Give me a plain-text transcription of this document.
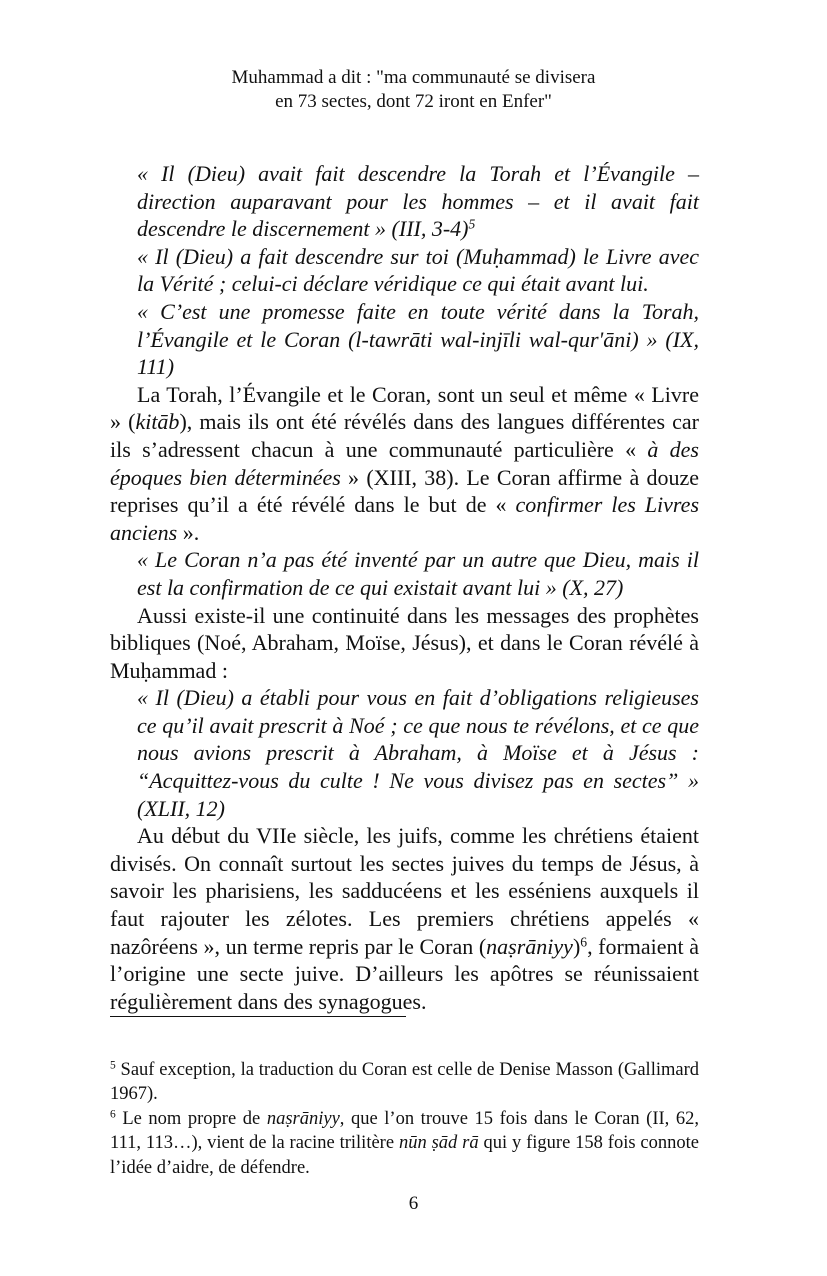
Muhammad a dit : "ma communauté se divisera
en 73 sectes, dont 72 iront en Enfer"

« Il (Dieu) avait fait descendre la Torah et l’Évangile – direction auparavant pour les hommes – et il avait fait descendre le discernement » (III, 3-4)$^5$

« Il (Dieu) a fait descendre sur toi (Muḥammad) le Livre avec la Vérité ; celui-ci déclare véridique ce qui était avant lui.

« C’est une promesse faite en toute vérité dans la Torah, l’Évangile et le Coran (l-tawrāti wal-injīli wal-qur'āni) » (IX, 111)

La Torah, l’Évangile et le Coran, sont un seul et même « Livre » (kitāb), mais ils ont été révélés dans des langues différentes car ils s’adressent chacun à une communauté particulière « à des époques bien déterminées » (XIII, 38). Le Coran affirme à douze reprises qu’il a été révélé dans le but de « confirmer les Livres anciens ».

« Le Coran n’a pas été inventé par un autre que Dieu, mais il est la confirmation de ce qui existait avant lui » (X, 27)

Aussi existe-il une continuité dans les messages des prophètes bibliques (Noé, Abraham, Moïse, Jésus), et dans le Coran révélé à Muḥammad :

« Il (Dieu) a établi pour vous en fait d’obligations religieuses ce qu’il avait prescrit à Noé ; ce que nous te révélons, et ce que nous avions prescrit à Abraham, à Moïse et à Jésus : “Acquittez-vous du culte ! Ne vous divisez pas en sectes” » (XLII, 12)

Au début du VIIe siècle, les juifs, comme les chrétiens étaient divisés. On connaît surtout les sectes juives du temps de Jésus, à savoir les pharisiens, les sadducéens et les esséniens auxquels il faut rajouter les zélotes. Les premiers chrétiens appelés « nazôréens », un terme repris par le Coran (naṣrāniyy)$^6$, formaient à l’origine une secte juive. D’ailleurs les apôtres se réunissaient régulièrement dans des synagogues.

$^5$ Sauf exception, la traduction du Coran est celle de Denise Masson (Gallimard 1967).

$^6$ Le nom propre de naṣrāniyy, que l’on trouve 15 fois dans le Coran (II, 62, 111, 113…), vient de la racine trilitère nūn ṣād rā qui y figure 158 fois connote l’idée d’aidre, de défendre.

6
